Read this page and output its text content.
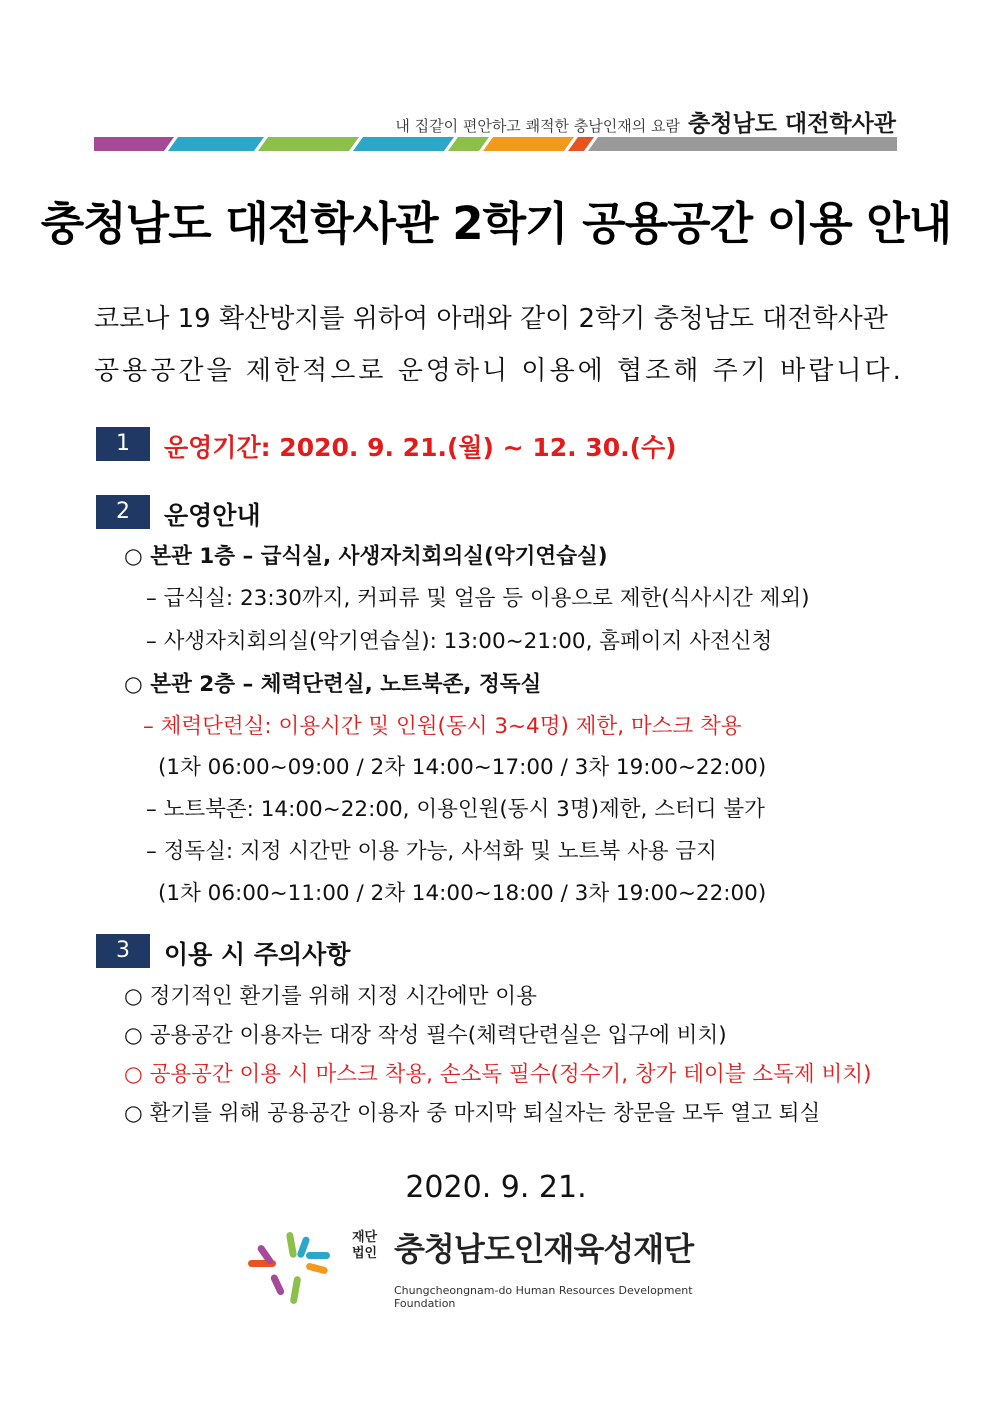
내 집같이 편안하고 쾌적한 충남인재의 요람 충청남도 대전학사관
충청남도 대전학사관 2학기 공용공간 이용 안내
코로나 19 확산방지를 위하여 아래와 같이 2학기 충청남도 대전학사관
공용공간을 제한적으로 운영하니 이용에 협조해 주기 바랍니다.
1	운영기간: 2020. 9. 21.(월) ~ 12. 30.(수)
2	운영안내
○ 본관 1층 – 급식실, 사생자치회의실(악기연습실)
– 급식실: 23:30까지, 커피류 및 얼음 등 이용으로 제한(식사시간 제외)
– 사생자치회의실(악기연습실): 13:00~21:00, 홈페이지 사전신청
○ 본관 2층 – 체력단련실, 노트북존, 정독실
– 체력단련실: 이용시간 및 인원(동시 3~4명) 제한, 마스크 착용
(1차 06:00~09:00 / 2차 14:00~17:00 / 3차 19:00~22:00)
– 노트북존: 14:00~22:00, 이용인원(동시 3명)제한, 스터디 불가
– 정독실: 지정 시간만 이용 가능, 사석화 및 노트북 사용 금지
(1차 06:00~11:00 / 2차 14:00~18:00 / 3차 19:00~22:00)
3	이용 시 주의사항
○ 정기적인 환기를 위해 지정 시간에만 이용
○ 공용공간 이용자는 대장 작성 필수(체력단련실은 입구에 비치)
○ 공용공간 이용 시 마스크 착용, 손소독 필수(정수기, 창가 테이블 소독제 비치)
○ 환기를 위해 공용공간 이용자 중 마지막 퇴실자는 창문을 모두 열고 퇴실
2020. 9. 21.
재단
법인 충청남도인재육성재단
Chungcheongnam-do Human Resources Development Foundation
